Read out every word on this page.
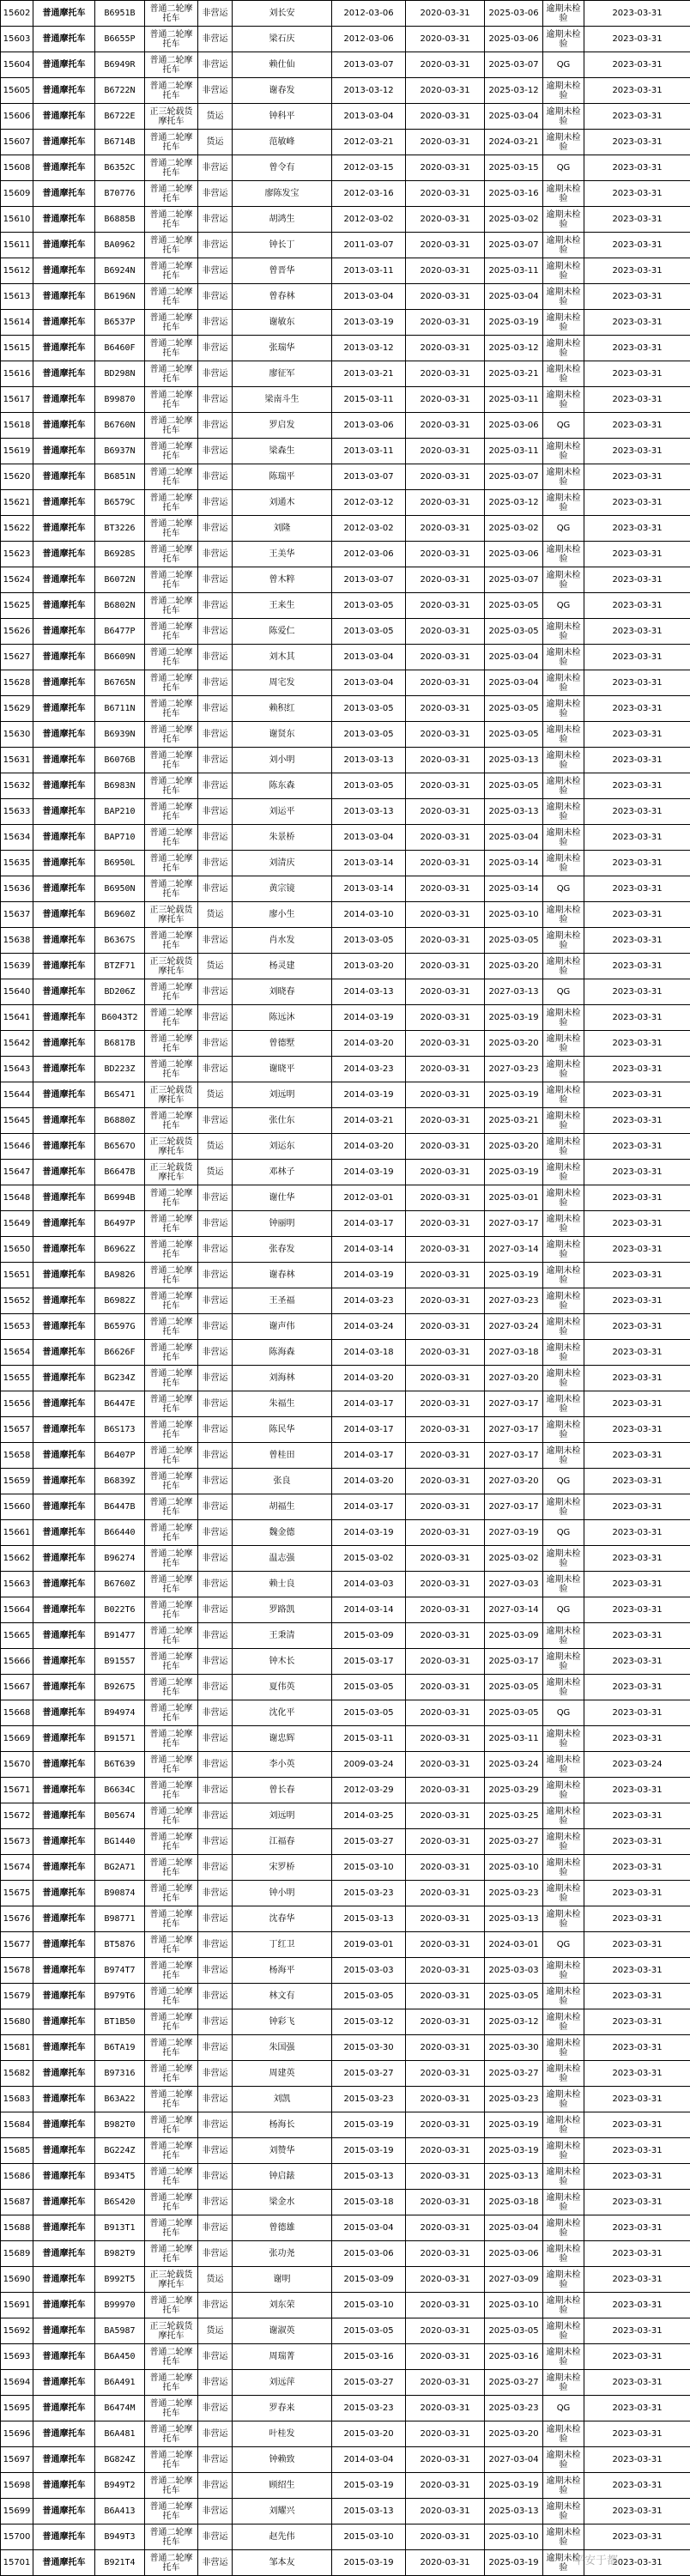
15602	普通摩托车	B6951B	普通二轮摩托车	非营运	刘长安	2012-03-06	2020-03-31	2025-03-06	逾期未检验	2023-03-31
15603	普通摩托车	B6655P	普通二轮摩托车	非营运	梁石庆	2012-03-06	2020-03-31	2025-03-06	逾期未检验	2023-03-31
15604	普通摩托车	B6949R	普通二轮摩托车	非营运	赖仕仙	2013-03-07	2020-03-31	2025-03-07	QG	2023-03-31
15605	普通摩托车	B6722N	普通二轮摩托车	非营运	谢春发	2013-03-12	2020-03-31	2025-03-12	逾期未检验	2023-03-31
15606	普通摩托车	B6722E	正三轮载货摩托车	货运	钟科平	2013-03-04	2020-03-31	2025-03-04	逾期未检验	2023-03-31
15607	普通摩托车	B6714B	普通二轮摩托车	货运	范敏峰	2012-03-21	2020-03-31	2024-03-21	逾期未检验	2023-03-31
15608	普通摩托车	B6352C	普通二轮摩托车	非营运	曾令有	2012-03-15	2020-03-31	2025-03-15	QG	2023-03-31
15609	普通摩托车	B70776	普通二轮摩托车	非营运	廖陈发宝	2012-03-16	2020-03-31	2025-03-16	逾期未检验	2023-03-31
15610	普通摩托车	B6885B	普通二轮摩托车	非营运	胡鸿生	2012-03-02	2020-03-31	2025-03-02	逾期未检验	2023-03-31
15611	普通摩托车	BA0962	普通二轮摩托车	非营运	钟长丁	2011-03-07	2020-03-31	2025-03-07	逾期未检验	2023-03-31
15612	普通摩托车	B6924N	普通二轮摩托车	非营运	曾晋华	2013-03-11	2020-03-31	2025-03-11	逾期未检验	2023-03-31
15613	普通摩托车	B6196N	普通二轮摩托车	非营运	曾春林	2013-03-04	2020-03-31	2025-03-04	逾期未检验	2023-03-31
15614	普通摩托车	B6537P	普通二轮摩托车	非营运	谢敏东	2013-03-19	2020-03-31	2025-03-19	逾期未检验	2023-03-31
15615	普通摩托车	B6460F	普通二轮摩托车	非营运	张瑞华	2013-03-12	2020-03-31	2025-03-12	逾期未检验	2023-03-31
15616	普通摩托车	BD298N	普通二轮摩托车	非营运	廖征军	2013-03-21	2020-03-31	2025-03-21	逾期未检验	2023-03-31
15617	普通摩托车	B99870	普通二轮摩托车	非营运	梁南斗生	2015-03-11	2020-03-31	2025-03-11	逾期未检验	2023-03-31
15618	普通摩托车	B6760N	普通二轮摩托车	非营运	罗启发	2013-03-06	2020-03-31	2025-03-06	QG	2023-03-31
15619	普通摩托车	B6937N	普通二轮摩托车	非营运	梁森生	2013-03-11	2020-03-31	2025-03-11	逾期未检验	2023-03-31
15620	普通摩托车	B6851N	普通二轮摩托车	非营运	陈瑞平	2013-03-07	2020-03-31	2025-03-07	逾期未检验	2023-03-31
15621	普通摩托车	B6579C	普通二轮摩托车	非营运	刘通木	2012-03-12	2020-03-31	2025-03-12	逾期未检验	2023-03-31
15622	普通摩托车	BT3226	普通二轮摩托车	非营运	刘隆	2012-03-02	2020-03-31	2025-03-02	QG	2023-03-31
15623	普通摩托车	B6928S	普通二轮摩托车	非营运	王美华	2012-03-06	2020-03-31	2025-03-06	逾期未检验	2023-03-31
15624	普通摩托车	B6072N	普通二轮摩托车	非营运	曾木粹	2013-03-07	2020-03-31	2025-03-07	逾期未检验	2023-03-31
15625	普通摩托车	B6802N	普通二轮摩托车	非营运	王来生	2013-03-05	2020-03-31	2025-03-05	QG	2023-03-31
15626	普通摩托车	B6477P	普通二轮摩托车	非营运	陈爱仁	2013-03-05	2020-03-31	2025-03-05	逾期未检验	2023-03-31
15627	普通摩托车	B6609N	普通二轮摩托车	非营运	刘木其	2013-03-04	2020-03-31	2025-03-04	逾期未检验	2023-03-31
15628	普通摩托车	B6765N	普通二轮摩托车	非营运	周宅发	2013-03-04	2020-03-31	2025-03-04	逾期未检验	2023-03-31
15629	普通摩托车	B6711N	普通二轮摩托车	非营运	赖积红	2013-03-05	2020-03-31	2025-03-05	逾期未检验	2023-03-31
15630	普通摩托车	B6939N	普通二轮摩托车	非营运	谢贤东	2013-03-05	2020-03-31	2025-03-05	逾期未检验	2023-03-31
15631	普通摩托车	B6076B	普通二轮摩托车	非营运	刘小明	2013-03-13	2020-03-31	2025-03-13	逾期未检验	2023-03-31
15632	普通摩托车	B6983N	普通二轮摩托车	非营运	陈东森	2013-03-05	2020-03-31	2025-03-05	逾期未检验	2023-03-31
15633	普通摩托车	BAP210	普通二轮摩托车	非营运	刘运平	2013-03-13	2020-03-31	2025-03-13	逾期未检验	2023-03-31
15634	普通摩托车	BAP710	普通二轮摩托车	非营运	朱景桥	2013-03-04	2020-03-31	2025-03-04	逾期未检验	2023-03-31
15635	普通摩托车	B6950L	普通二轮摩托车	非营运	刘清庆	2013-03-14	2020-03-31	2025-03-14	逾期未检验	2023-03-31
15636	普通摩托车	B6950N	普通二轮摩托车	非营运	黄宗镜	2013-03-14	2020-03-31	2025-03-14	QG	2023-03-31
15637	普通摩托车	B6960Z	正三轮载货摩托车	货运	廖小生	2014-03-10	2020-03-31	2025-03-10	逾期未检验	2023-03-31
15638	普通摩托车	B6367S	普通二轮摩托车	非营运	肖水发	2013-03-05	2020-03-31	2025-03-05	逾期未检验	2023-03-31
15639	普通摩托车	BTZF71	正三轮载货摩托车	货运	杨灵建	2013-03-20	2020-03-31	2025-03-20	逾期未检验	2023-03-31
15640	普通摩托车	BD206Z	普通二轮摩托车	非营运	刘晓春	2014-03-13	2020-03-31	2027-03-13	QG	2023-03-31
15641	普通摩托车	B6043T2	普通二轮摩托车	非营运	陈远沐	2014-03-19	2020-03-31	2025-03-19	逾期未检验	2023-03-31
15642	普通摩托车	B6817B	普通二轮摩托车	非营运	曾德墅	2014-03-20	2020-03-31	2025-03-20	逾期未检验	2023-03-31
15643	普通摩托车	BD223Z	普通二轮摩托车	非营运	谢晓平	2014-03-23	2020-03-31	2027-03-23	逾期未检验	2023-03-31
15644	普通摩托车	B6S471	正三轮载货摩托车	货运	刘远明	2014-03-19	2020-03-31	2025-03-19	逾期未检验	2023-03-31
15645	普通摩托车	B6880Z	普通二轮摩托车	非营运	张仕东	2014-03-21	2020-03-31	2025-03-21	逾期未检验	2023-03-31
15646	普通摩托车	B6567O	正三轮载货摩托车	货运	刘运东	2014-03-20	2020-03-31	2025-03-20	逾期未检验	2023-03-31
15647	普通摩托车	B6647B	正三轮载货摩托车	货运	邓林子	2014-03-19	2020-03-31	2025-03-19	逾期未检验	2023-03-31
15648	普通摩托车	B6994B	普通二轮摩托车	非营运	谢仕华	2012-03-01	2020-03-31	2025-03-01	逾期未检验	2023-03-31
15649	普通摩托车	B6497P	普通二轮摩托车	非营运	钟丽明	2014-03-17	2020-03-31	2027-03-17	逾期未检验	2023-03-31
15650	普通摩托车	B6962Z	普通二轮摩托车	非营运	张春发	2014-03-14	2020-03-31	2027-03-14	逾期未检验	2023-03-31
15651	普通摩托车	BA9826	普通二轮摩托车	非营运	谢春林	2014-03-19	2020-03-31	2025-03-19	逾期未检验	2023-03-31
15652	普通摩托车	B6982Z	普通二轮摩托车	非营运	王圣福	2014-03-23	2020-03-31	2027-03-23	逾期未检验	2023-03-31
15653	普通摩托车	B6597G	普通二轮摩托车	非营运	谢声伟	2014-03-24	2020-03-31	2027-03-24	逾期未检验	2023-03-31
15654	普通摩托车	B6626F	普通二轮摩托车	非营运	陈海森	2014-03-18	2020-03-31	2027-03-18	逾期未检验	2023-03-31
15655	普通摩托车	BG234Z	普通二轮摩托车	非营运	刘海林	2014-03-20	2020-03-31	2027-03-20	逾期未检验	2023-03-31
15656	普通摩托车	B6447E	普通二轮摩托车	非营运	朱福生	2014-03-17	2020-03-31	2027-03-17	逾期未检验	2023-03-31
15657	普通摩托车	B6S173	普通二轮摩托车	非营运	陈民华	2014-03-17	2020-03-31	2027-03-17	逾期未检验	2023-03-31
15658	普通摩托车	B6407P	普通二轮摩托车	非营运	曾桂田	2014-03-17	2020-03-31	2027-03-17	逾期未检验	2023-03-31
15659	普通摩托车	B6839Z	普通二轮摩托车	非营运	张良	2014-03-20	2020-03-31	2027-03-20	QG	2023-03-31
15660	普通摩托车	B6447B	普通二轮摩托车	非营运	胡福生	2014-03-17	2020-03-31	2027-03-17	逾期未检验	2023-03-31
15661	普通摩托车	B66440	普通二轮摩托车	非营运	魏金德	2014-03-19	2020-03-31	2027-03-19	QG	2023-03-31
15662	普通摩托车	B96274	普通二轮摩托车	非营运	温志强	2015-03-02	2020-03-31	2025-03-02	逾期未检验	2023-03-31
15663	普通摩托车	B6760Z	普通二轮摩托车	非营运	赖士良	2014-03-03	2020-03-31	2027-03-03	逾期未检验	2023-03-31
15664	普通摩托车	B022T6	普通二轮摩托车	非营运	罗路凯	2014-03-14	2020-03-31	2027-03-14	QG	2023-03-31
15665	普通摩托车	B91477	普通二轮摩托车	非营运	王秉清	2015-03-09	2020-03-31	2025-03-09	逾期未检验	2023-03-31
15666	普通摩托车	B91557	普通二轮摩托车	非营运	钟木长	2015-03-17	2020-03-31	2025-03-17	逾期未检验	2023-03-31
15667	普通摩托车	B92675	普通二轮摩托车	非营运	夏伟英	2015-03-05	2020-03-31	2025-03-05	逾期未检验	2023-03-31
15668	普通摩托车	B94974	普通二轮摩托车	非营运	沈化平	2015-03-05	2020-03-31	2025-03-05	QG	2023-03-31
15669	普通摩托车	B91571	普通二轮摩托车	非营运	谢忠辉	2015-03-11	2020-03-31	2025-03-11	逾期未检验	2023-03-31
15670	普通摩托车	B6T639	普通二轮摩托车	非营运	李小英	2009-03-24	2020-03-31	2025-03-24	逾期未检验	2023-03-24
15671	普通摩托车	B6634C	普通二轮摩托车	非营运	曾长春	2012-03-29	2020-03-31	2025-03-29	逾期未检验	2023-03-31
15672	普通摩托车	B05674	普通二轮摩托车	非营运	刘远明	2014-03-25	2020-03-31	2025-03-25	逾期未检验	2023-03-31
15673	普通摩托车	BG1440	普通二轮摩托车	非营运	江福春	2015-03-27	2020-03-31	2025-03-27	逾期未检验	2023-03-31
15674	普通摩托车	BG2A71	普通二轮摩托车	非营运	宋罗桥	2015-03-10	2020-03-31	2025-03-10	逾期未检验	2023-03-31
15675	普通摩托车	B90874	普通二轮摩托车	非营运	钟小明	2015-03-23	2020-03-31	2025-03-23	逾期未检验	2023-03-31
15676	普通摩托车	B98771	普通二轮摩托车	非营运	沈春华	2015-03-13	2020-03-31	2025-03-13	逾期未检验	2023-03-31
15677	普通摩托车	BT5876	普通二轮摩托车	非营运	丁红卫	2019-03-01	2020-03-31	2024-03-01	QG	2023-03-31
15678	普通摩托车	B974T7	普通二轮摩托车	非营运	杨海平	2015-03-03	2020-03-31	2025-03-03	逾期未检验	2023-03-31
15679	普通摩托车	B979T6	普通二轮摩托车	非营运	林文有	2015-03-05	2020-03-31	2025-03-05	逾期未检验	2023-03-31
15680	普通摩托车	BT1B50	普通二轮摩托车	非营运	钟彩飞	2015-03-12	2020-03-31	2025-03-12	逾期未检验	2023-03-31
15681	普通摩托车	B6TA19	普通二轮摩托车	非营运	朱国强	2015-03-30	2020-03-31	2025-03-30	逾期未检验	2023-03-31
15682	普通摩托车	B97316	普通二轮摩托车	非营运	周建英	2015-03-27	2020-03-31	2025-03-27	逾期未检验	2023-03-31
15683	普通摩托车	B63A22	普通二轮摩托车	非营运	刘凯	2015-03-23	2020-03-31	2025-03-23	逾期未检验	2023-03-31
15684	普通摩托车	B982T0	普通二轮摩托车	非营运	杨海长	2015-03-19	2020-03-31	2025-03-19	逾期未检验	2023-03-31
15685	普通摩托车	BG224Z	普通二轮摩托车	非营运	刘赞华	2015-03-19	2020-03-31	2025-03-19	逾期未检验	2023-03-31
15686	普通摩托车	B934T5	普通二轮摩托车	非营运	钟启錶	2015-03-13	2020-03-31	2025-03-13	逾期未检验	2023-03-31
15687	普通摩托车	B6S420	普通二轮摩托车	非营运	梁金水	2015-03-18	2020-03-31	2025-03-18	逾期未检验	2023-03-31
15688	普通摩托车	B913T1	普通二轮摩托车	非营运	曾德雄	2015-03-04	2020-03-31	2025-03-04	逾期未检验	2023-03-31
15689	普通摩托车	B982T9	普通二轮摩托车	非营运	张功尧	2015-03-06	2020-03-31	2025-03-06	逾期未检验	2023-03-31
15690	普通摩托车	B992T5	正三轮载货摩托车	货运	谢明	2015-03-09	2020-03-31	2027-03-09	逾期未检验	2023-03-31
15691	普通摩托车	B99970	普通二轮摩托车	非营运	刘东荣	2015-03-10	2020-03-31	2025-03-10	逾期未检验	2023-03-31
15692	普通摩托车	BA5987	正三轮载货摩托车	货运	谢淑英	2015-03-05	2020-03-31	2025-03-05	逾期未检验	2023-03-31
15693	普通摩托车	B6A450	普通二轮摩托车	非营运	周瑞菁	2015-03-16	2020-03-31	2025-03-16	逾期未检验	2023-03-31
15694	普通摩托车	B6A491	普通二轮摩托车	非营运	刘远萍	2015-03-27	2020-03-31	2025-03-27	逾期未检验	2023-03-31
15695	普通摩托车	B6474M	普通二轮摩托车	非营运	罗春来	2015-03-23	2020-03-31	2025-03-23	QG	2023-03-31
15696	普通摩托车	B6A481	普通二轮摩托车	非营运	叶桂发	2015-03-20	2020-03-31	2025-03-20	逾期未检验	2023-03-31
15697	普通摩托车	BG824Z	普通二轮摩托车	非营运	钟赖致	2014-03-04	2020-03-31	2027-03-04	逾期未检验	2023-03-31
15698	普通摩托车	B949T2	普通二轮摩托车	非营运	顾绍生	2015-03-19	2020-03-31	2025-03-19	逾期未检验	2023-03-31
15699	普通摩托车	B6A413	普通二轮摩托车	非营运	刘耀兴	2015-03-13	2020-03-31	2025-03-13	逾期未检验	2023-03-31
15700	普通摩托车	B949T3	普通二轮摩托车	非营运	赵先伟	2015-03-10	2020-03-31	2025-03-10	逾期未检验	2023-03-31
15701	普通摩托车	B921T4	普通二轮摩托车	非营运	邹本友	2015-03-19	2020-03-31	2025-03-19	逾期未检验	2023-03-31
平安于都
